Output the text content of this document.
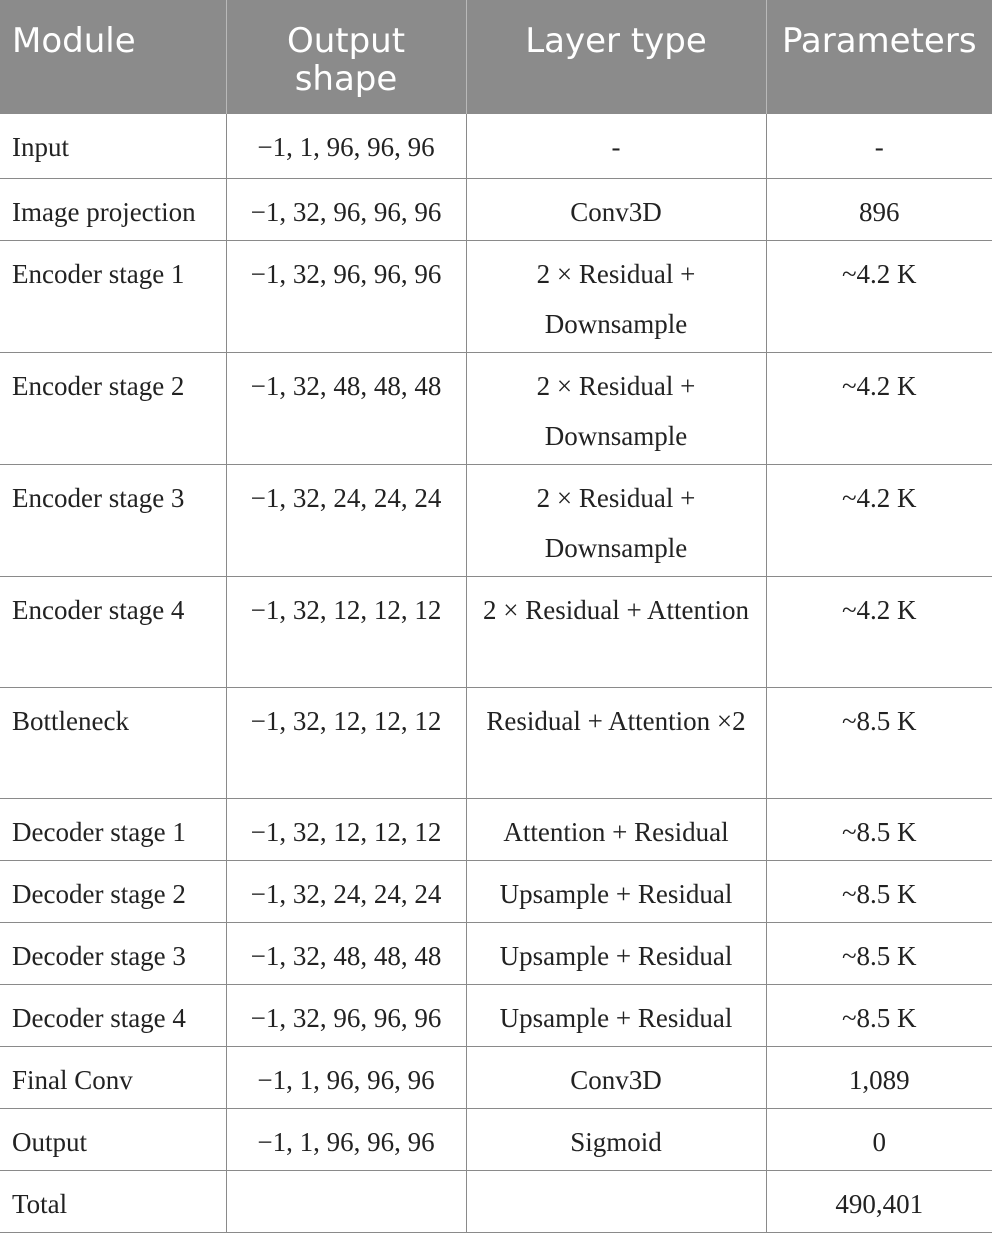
Module	Output shape	Layer type	Parameters

Input	−1, 1, 96, 96, 96	-	-
Image projection	−1, 32, 96, 96, 96	Conv3D	896
Encoder stage 1	−1, 32, 96, 96, 96	2 × Residual + Downsample	~4.2 K
Encoder stage 2	−1, 32, 48, 48, 48	2 × Residual + Downsample	~4.2 K
Encoder stage 3	−1, 32, 24, 24, 24	2 × Residual + Downsample	~4.2 K
Encoder stage 4	−1, 32, 12, 12, 12	2 × Residual + Attention	~4.2 K
Bottleneck	−1, 32, 12, 12, 12	Residual + Attention ×2	~8.5 K
Decoder stage 1	−1, 32, 12, 12, 12	Attention + Residual	~8.5 K
Decoder stage 2	−1, 32, 24, 24, 24	Upsample + Residual	~8.5 K
Decoder stage 3	−1, 32, 48, 48, 48	Upsample + Residual	~8.5 K
Decoder stage 4	−1, 32, 96, 96, 96	Upsample + Residual	~8.5 K
Final Conv	−1, 1, 96, 96, 96	Conv3D	1,089
Output	−1, 1, 96, 96, 96	Sigmoid	0
Total			490,401
